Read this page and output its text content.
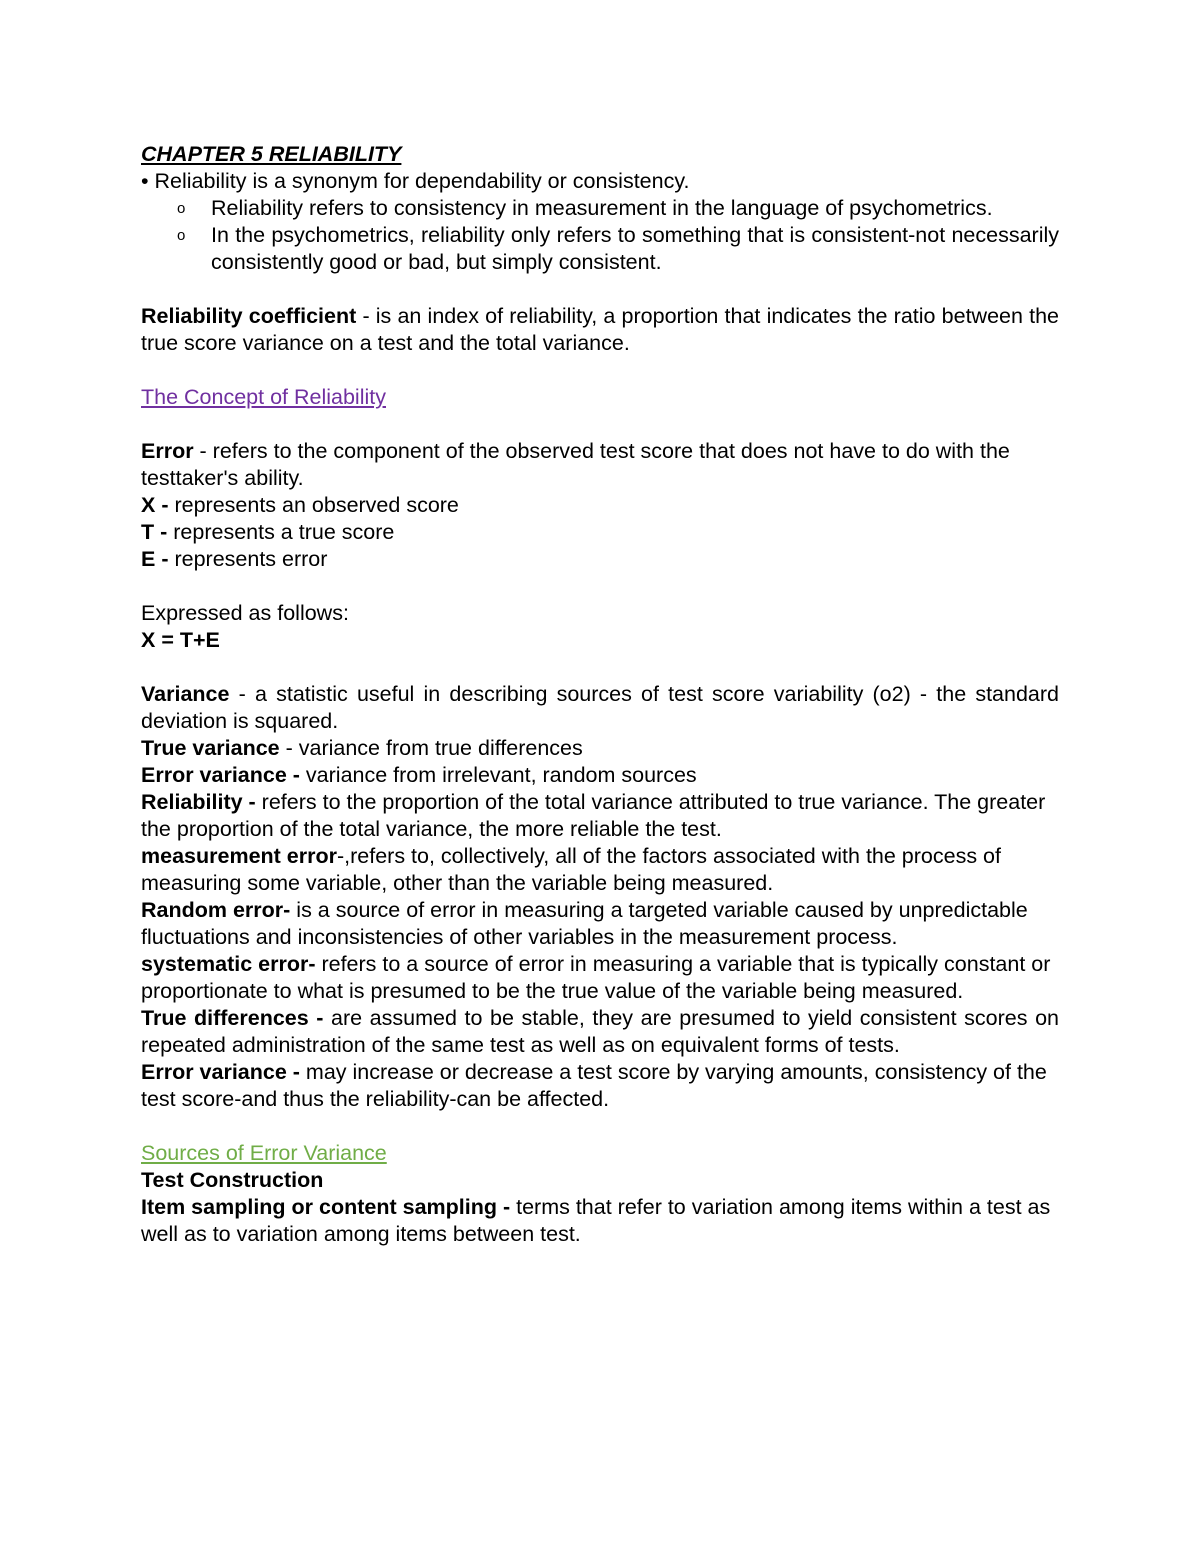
CHAPTER 5 RELIABILITY

• Reliability is a synonym for dependability or consistency.

o Reliability refers to consistency in measurement in the language of psychometrics.
o In the psychometrics, reliability only refers to something that is consistent-not necessarily consistently good or bad, but simply consistent.

Reliability coefficient - is an index of reliability, a proportion that indicates the ratio between the true score variance on a test and the total variance.

The Concept of Reliability

Error - refers to the component of the observed test score that does not have to do with the testtaker's ability.

X - represents an observed score

T - represents a true score

E - represents error

Expressed as follows:

X = T+E

Variance - a statistic useful in describing sources of test score variability (o2) - the standard deviation is squared.

True variance - variance from true differences

Error variance - variance from irrelevant, random sources

Reliability - refers to the proportion of the total variance attributed to true variance. The greater the proportion of the total variance, the more reliable the test.

measurement error-,refers to, collectively, all of the factors associated with the process of measuring some variable, other than the variable being measured.

Random error- is a source of error in measuring a targeted variable caused by unpredictable fluctuations and inconsistencies of other variables in the measurement process.

systematic error- refers to a source of error in measuring a variable that is typically constant or proportionate to what is presumed to be the true value of the variable being measured.

True differences - are assumed to be stable, they are presumed to yield consistent scores on repeated administration of the same test as well as on equivalent forms of tests.

Error variance - may increase or decrease a test score by varying amounts, consistency of the test score-and thus the reliability-can be affected.

Sources of Error Variance

Test Construction

Item sampling or content sampling - terms that refer to variation among items within a test as well as to variation among items between test.
